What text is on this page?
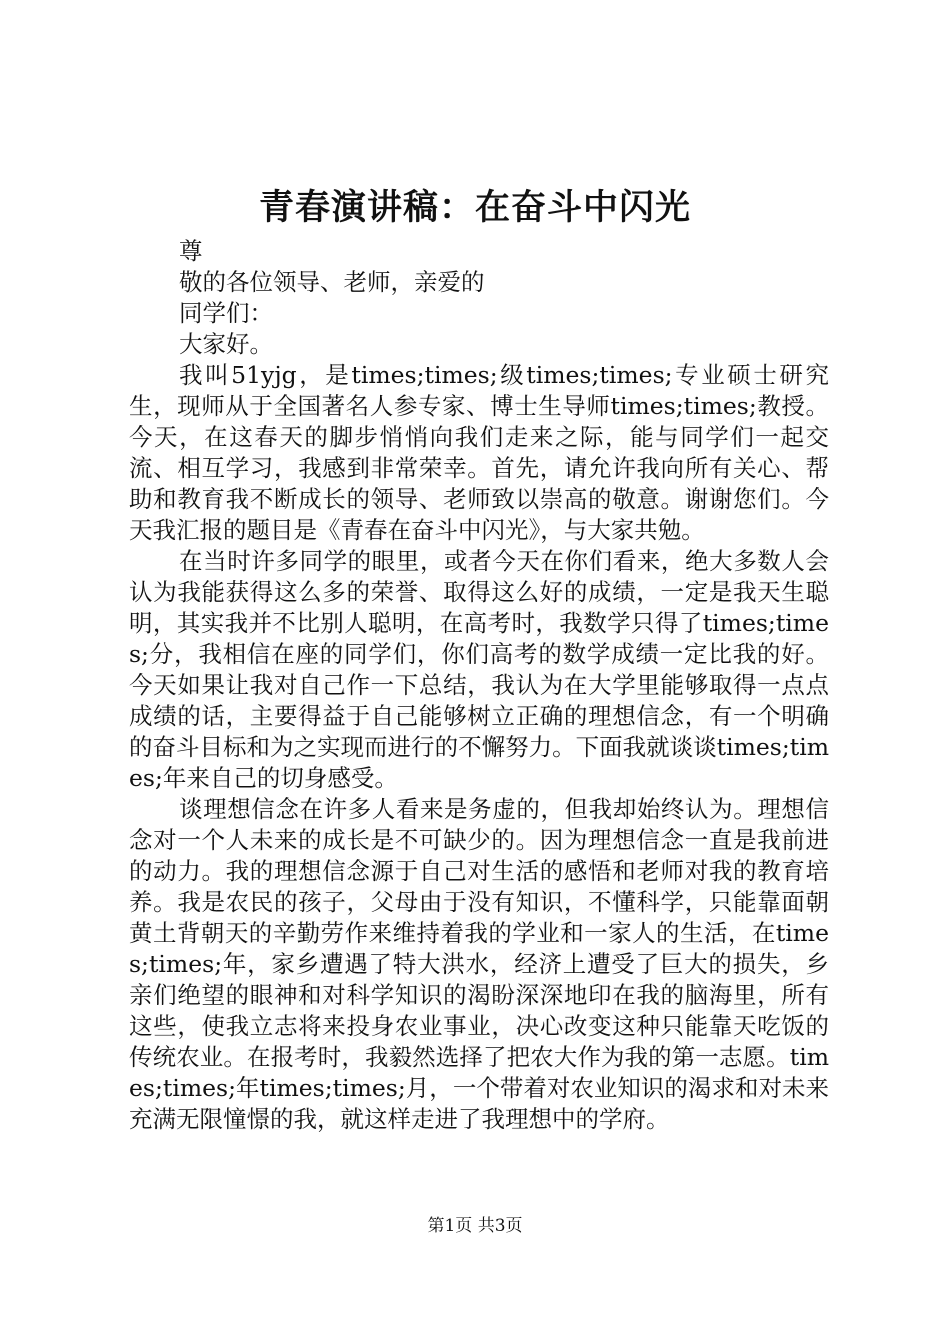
青春演讲稿：在奋斗中闪光

尊

敬的各位领导、老师，亲爱的

同学们：

大家好。

我叫51yjg，是times;times;级times;times;专业硕士研究生，现师从于全国著名人参专家、博士生导师times;times;教授。今天，在这春天的脚步悄悄向我们走来之际，能与同学们一起交流、相互学习，我感到非常荣幸。首先，请允许我向所有关心、帮助和教育我不断成长的领导、老师致以崇高的敬意。谢谢您们。今天我汇报的题目是《青春在奋斗中闪光》，与大家共勉。

在当时许多同学的眼里，或者今天在你们看来，绝大多数人会认为我能获得这么多的荣誉、取得这么好的成绩，一定是我天生聪明，其实我并不比别人聪明，在高考时，我数学只得了times;times;分，我相信在座的同学们，你们高考的数学成绩一定比我的好。今天如果让我对自己作一下总结，我认为在大学里能够取得一点点成绩的话，主要得益于自己能够树立正确的理想信念，有一个明确的奋斗目标和为之实现而进行的不懈努力。下面我就谈谈times;times;年来自己的切身感受。

谈理想信念在许多人看来是务虚的，但我却始终认为。理想信念对一个人未来的成长是不可缺少的。因为理想信念一直是我前进的动力。我的理想信念源于自己对生活的感悟和老师对我的教育培养。我是农民的孩子，父母由于没有知识，不懂科学，只能靠面朝黄土背朝天的辛勤劳作来维持着我的学业和一家人的生活，在times;times;年，家乡遭遇了特大洪水，经济上遭受了巨大的损失，乡亲们绝望的眼神和对科学知识的渴盼深深地印在我的脑海里，所有这些，使我立志将来投身农业事业，决心改变这种只能靠天吃饭的传统农业。在报考时，我毅然选择了把农大作为我的第一志愿。times;times;年times;times;月，一个带着对农业知识的渴求和对未来充满无限憧憬的我，就这样走进了我理想中的学府。

第1页 共3页
